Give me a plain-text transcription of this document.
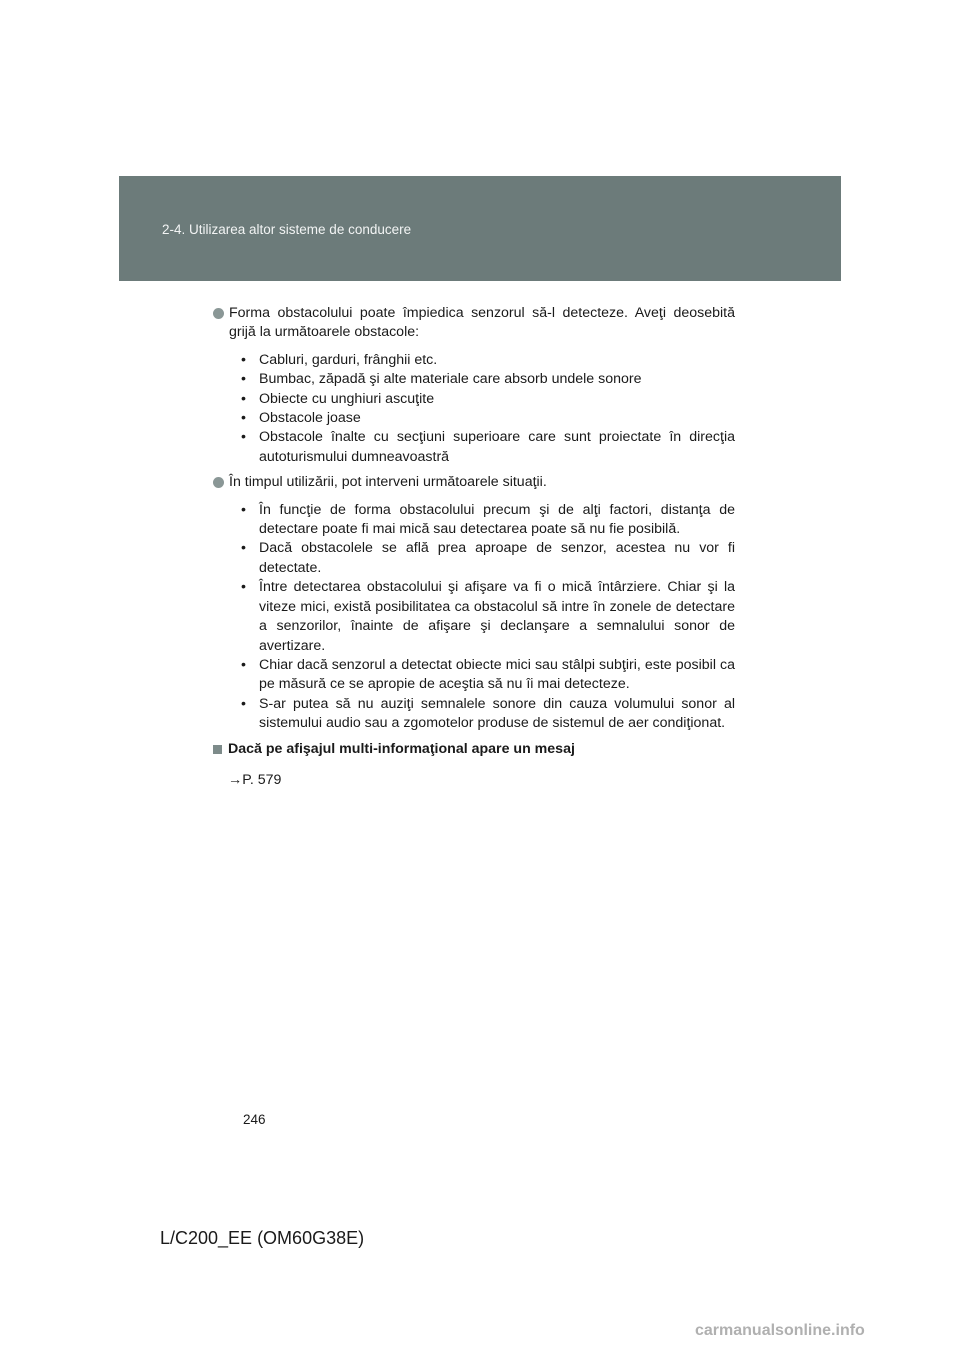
2-4. Utilizarea altor sisteme de conducere
Forma obstacolului poate împiedica senzorul să-l detecteze. Aveţi deosebită grijă la următoarele obstacole:
• Cabluri, garduri, frânghii etc.
• Bumbac, zăpadă şi alte materiale care absorb undele sonore
• Obiecte cu unghiuri ascuţite
• Obstacole joase
• Obstacole înalte cu secţiuni superioare care sunt proiectate în direcţia autoturismului dumneavoastră
În timpul utilizării, pot interveni următoarele situaţii.
• În funcţie de forma obstacolului precum şi de alţi factori, distanţa de detectare poate fi mai mică sau detectarea poate să nu fie posibilă.
• Dacă obstacolele se află prea aproape de senzor, acestea nu vor fi detectate.
• Între detectarea obstacolului şi afişare va fi o mică întârziere. Chiar şi la viteze mici, există posibilitatea ca obstacolul să intre în zonele de detectare a senzorilor, înainte de afişare şi declanşare a semnalului sonor de avertizare.
• Chiar dacă senzorul a detectat obiecte mici sau stâlpi subţiri, este posibil ca pe măsură ce se apropie de aceştia să nu îi mai detecteze.
• S-ar putea să nu auziţi semnalele sonore din cauza volumului sonor al sistemului audio sau a zgomotelor produse de sistemul de aer condiţionat.
Dacă pe afişajul multi-informaţional apare un mesaj
→P. 579
246
L/C200_EE (OM60G38E)
carmanualsonline.info
